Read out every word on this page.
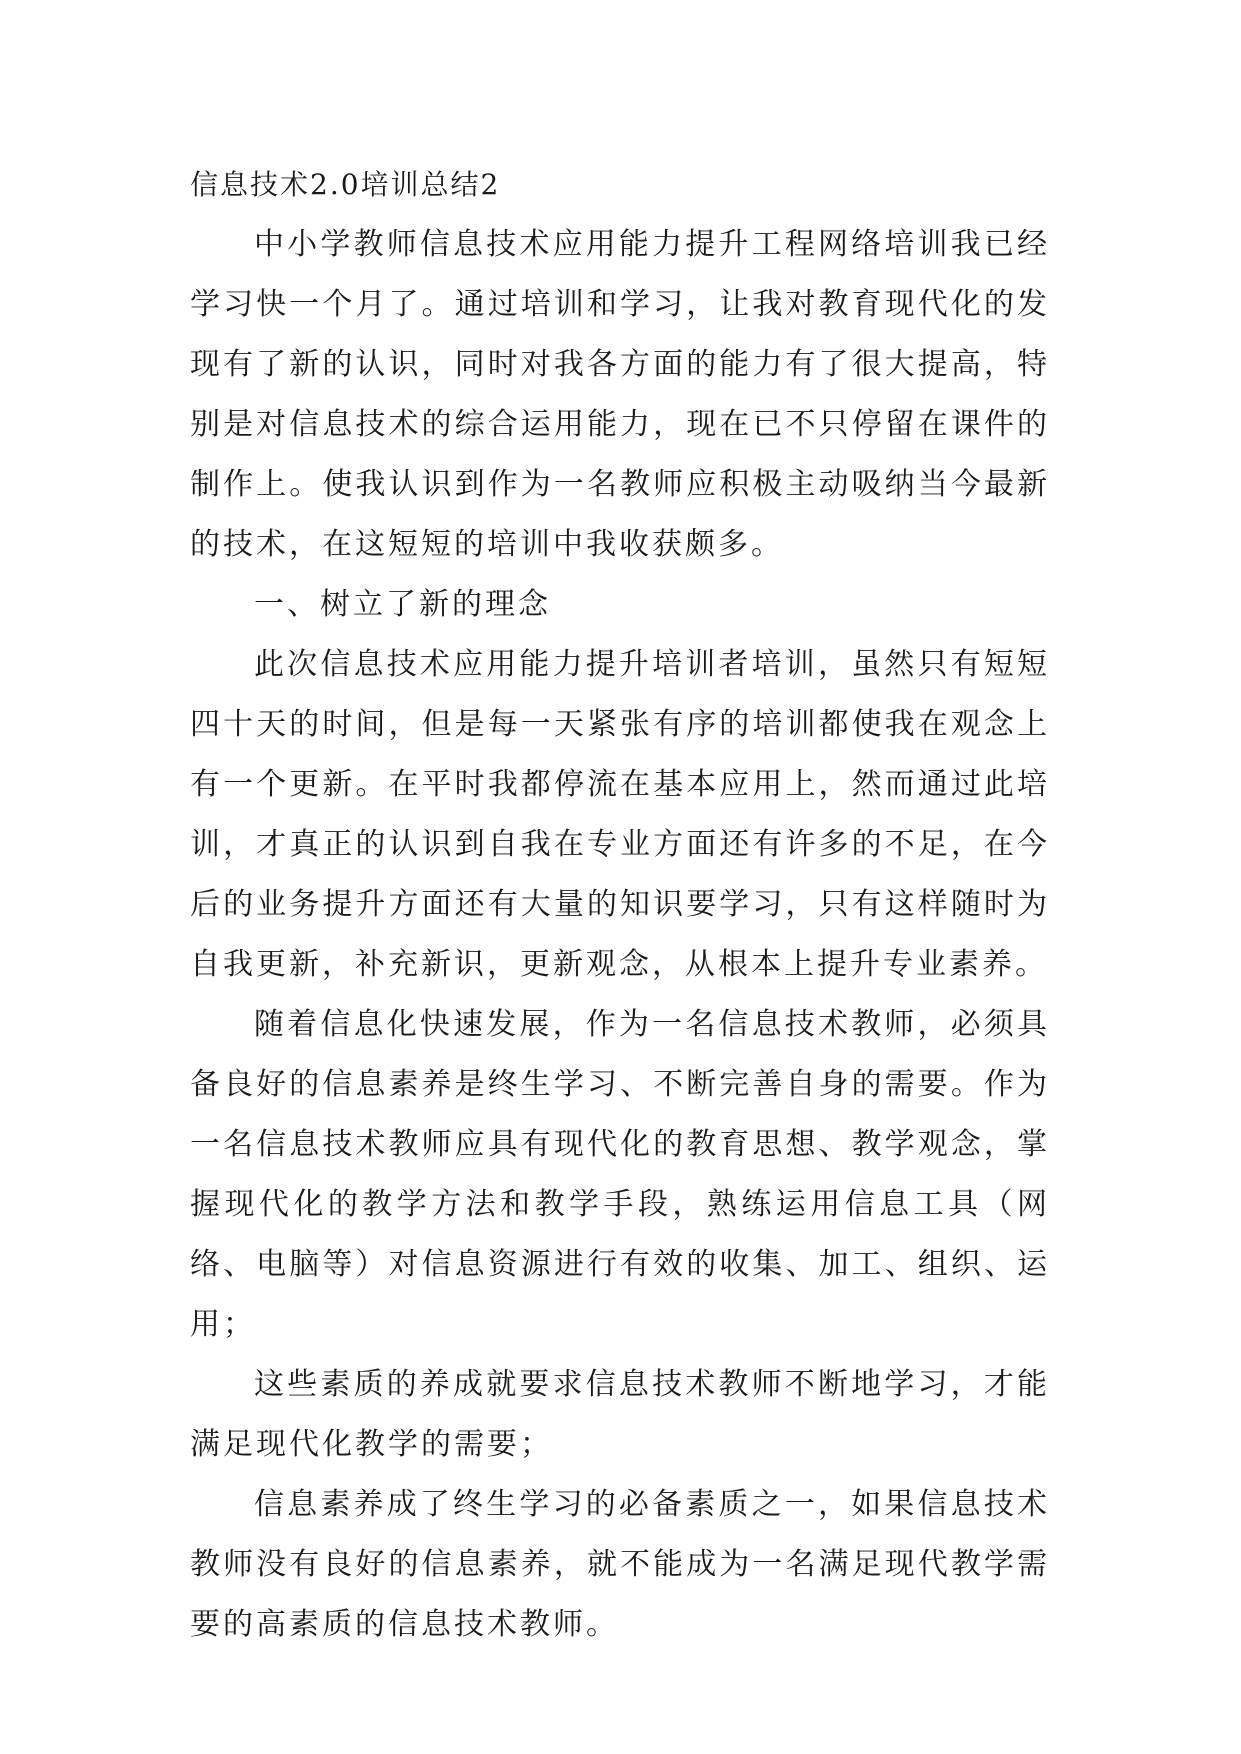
信息技术2.0培训总结2

中小学教师信息技术应用能力提升工程网络培训我已经学习快一个月了。通过培训和学习，让我对教育现代化的发现有了新的认识，同时对我各方面的能力有了很大提高，特别是对信息技术的综合运用能力，现在已不只停留在课件的制作上。使我认识到作为一名教师应积极主动吸纳当今最新的技术，在这短短的培训中我收获颇多。

一、树立了新的理念

此次信息技术应用能力提升培训者培训，虽然只有短短四十天的时间，但是每一天紧张有序的培训都使我在观念上有一个更新。在平时我都停流在基本应用上，然而通过此培训，才真正的认识到自我在专业方面还有许多的不足，在今后的业务提升方面还有大量的知识要学习，只有这样随时为自我更新，补充新识，更新观念，从根本上提升专业素养。

随着信息化快速发展，作为一名信息技术教师，必须具备良好的信息素养是终生学习、不断完善自身的需要。作为一名信息技术教师应具有现代化的教育思想、教学观念，掌握现代化的教学方法和教学手段，熟练运用信息工具（网络、电脑等）对信息资源进行有效的收集、加工、组织、运用；

这些素质的养成就要求信息技术教师不断地学习，才能满足现代化教学的需要；

信息素养成了终生学习的必备素质之一，如果信息技术教师没有良好的信息素养，就不能成为一名满足现代教学需要的高素质的信息技术教师。
